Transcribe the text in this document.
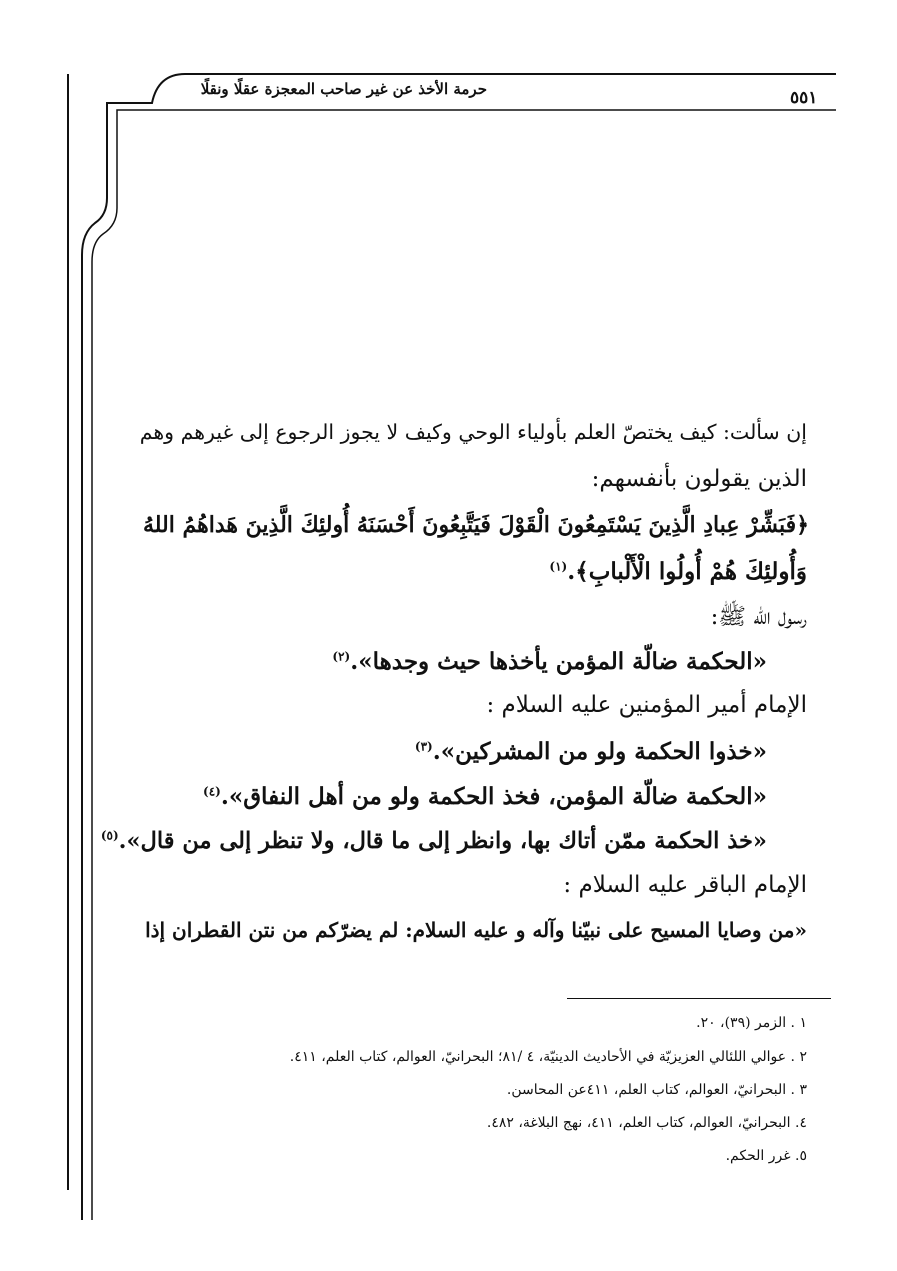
٥٥١
حرمة الأخذ عن غير صاحب المعجزة عقلًا ونقلًا
إن سألت: كيف يختصّ العلم بأولياء الوحي وكيف لا يجوز الرجوع إلى غيرهم وهم
الذين يقولون بأنفسهم:
﴿فَبَشِّرْ عِبادِ الَّذِينَ يَسْتَمِعُونَ الْقَوْلَ فَيَتَّبِعُونَ أَحْسَنَهُ أُولئِكَ الَّذِينَ هَداهُمُ اللهُ
وَأُولئِكَ هُمْ أُولُوا الْأَلْبابِ﴾.$^{(١)}$
رسول الله ﷺ:
«الحكمة ضالّة المؤمن يأخذها حيث وجدها».$^{(٢)}$
الإمام أمير المؤمنين عليه السلام :
«خذوا الحكمة ولو من المشركين».$^{(٣)}$
«الحكمة ضالّة المؤمن، فخذ الحكمة ولو من أهل النفاق».$^{(٤)}$
«خذ الحكمة ممّن أتاك بها، وانظر إلى ما قال، ولا تنظر إلى من قال».$^{(٥)}$
الإمام الباقر عليه السلام :
«من وصايا المسيح على نبيّنا وآله و عليه السلام: لم يضرّكم من نتن القطران إذا
١ . الزمر (٣٩)، ٢٠.
٢ . عوالي اللئالي العزيزيّة في الأحاديث الدينيّة، ٤ /٨١؛ البحرانيّ، العوالم، كتاب العلم، ٤١١.
٣ . البحرانيّ، العوالم، كتاب العلم، ٤١١عن المحاسن.
٤. البحرانيّ، العوالم، كتاب العلم، ٤١١، نهج البلاغة، ٤٨٢.
٥. غرر الحكم.
